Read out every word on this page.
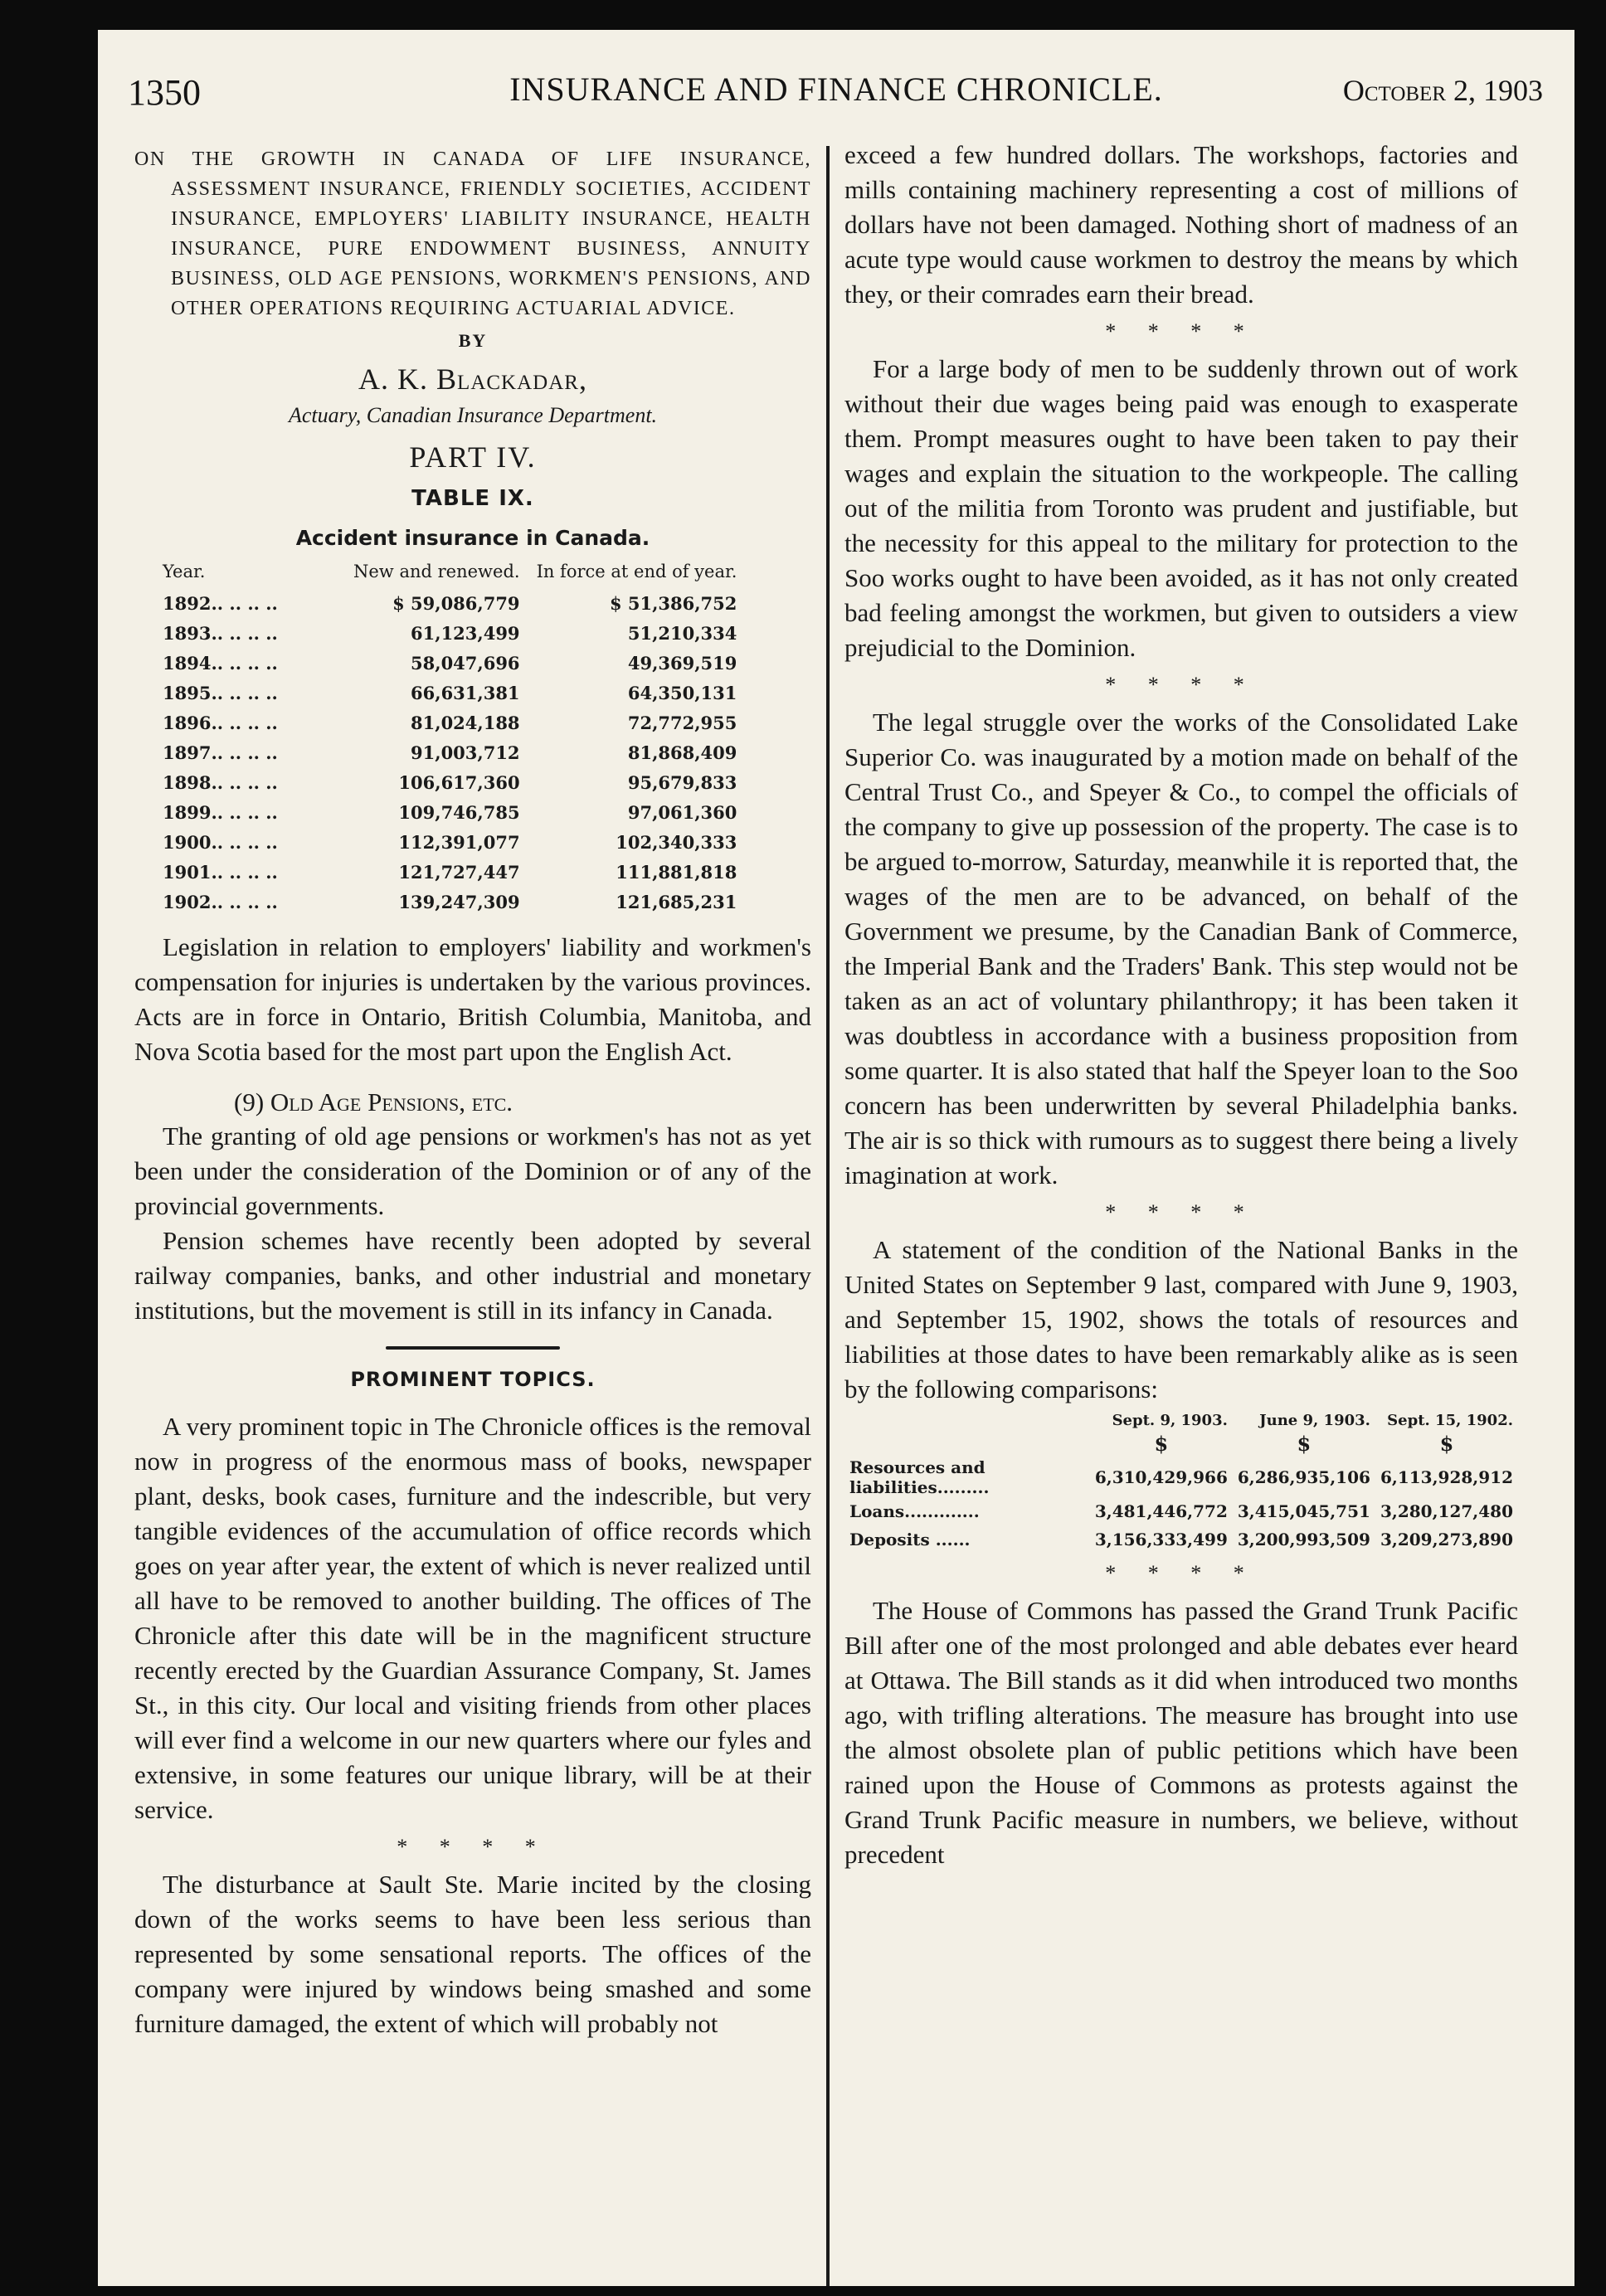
1350	INSURANCE AND FINANCE CHRONICLE.	October 2, 1903
ON THE GROWTH IN CANADA OF LIFE INSURANCE, ASSESSMENT INSURANCE, FRIENDLY SOCIETIES, ACCIDENT INSURANCE, EMPLOYERS' LIABILITY INSURANCE, HEALTH INSURANCE, PURE ENDOWMENT BUSINESS, ANNUITY BUSINESS, OLD AGE PENSIONS, WORKMEN'S PENSIONS, AND OTHER OPERATIONS REQUIRING ACTUARIAL ADVICE.
BY
A. K. Blackadar,
Actuary, Canadian Insurance Department.
PART IV.
TABLE IX.
Accident insurance in Canada.
Year.	New and renewed.	In force at end of year.
1892.. .. .. ..	$ 59,086,779	$ 51,386,752
1893.. .. .. ..	61,123,499	51,210,334
1894.. .. .. ..	58,047,696	49,369,519
1895.. .. .. ..	66,631,381	64,350,131
1896.. .. .. ..	81,024,188	72,772,955
1897.. .. .. ..	91,003,712	81,868,409
1898.. .. .. ..	106,617,360	95,679,833
1899.. .. .. ..	109,746,785	97,061,360
1900.. .. .. ..	112,391,077	102,340,333
1901.. .. .. ..	121,727,447	111,881,818
1902.. .. .. ..	139,247,309	121,685,231

Legislation in relation to employers' liability and workmen's compensation for injuries is undertaken by the various provinces. Acts are in force in Ontario, British Columbia, Manitoba, and Nova Scotia based for the most part upon the English Act.

(9) Old Age Pensions, etc.

The granting of old age pensions or workmen's has not as yet been under the consideration of the Dominion or of any of the provincial governments.

Pension schemes have recently been adopted by several railway companies, banks, and other industrial and monetary institutions, but the movement is still in its infancy in Canada.

PROMINENT TOPICS.

A very prominent topic in The Chronicle offices is the removal now in progress of the enormous mass of books, newspaper plant, desks, book cases, furniture and the indescrible, but very tangible evidences of the accumulation of office records which goes on year after year, the extent of which is never realized until all have to be removed to another building. The offices of The Chronicle after this date will be in the magnificent structure recently erected by the Guardian Assurance Company, St. James St., in this city. Our local and visiting friends from other places will ever find a welcome in our new quarters where our fyles and extensive, in some features our unique library, will be at their service.

* * * *

The disturbance at Sault Ste. Marie incited by the closing down of the works seems to have been less serious than represented by some sensational reports. The offices of the company were injured by windows being smashed and some furniture damaged, the extent of which will probably not

exceed a few hundred dollars. The workshops, factories and mills containing machinery representing a cost of millions of dollars have not been damaged. Nothing short of madness of an acute type would cause workmen to destroy the means by which they, or their comrades earn their bread.

* * * *

For a large body of men to be suddenly thrown out of work without their due wages being paid was enough to exasperate them. Prompt measures ought to have been taken to pay their wages and explain the situation to the workpeople. The calling out of the militia from Toronto was prudent and justifiable, but the necessity for this appeal to the military for protection to the Soo works ought to have been avoided, as it has not only created bad feeling amongst the workmen, but given to outsiders a view prejudicial to the Dominion.

* * * *

The legal struggle over the works of the Consolidated Lake Superior Co. was inaugurated by a motion made on behalf of the Central Trust Co., and Speyer & Co., to compel the officials of the company to give up possession of the property. The case is to be argued to-morrow, Saturday, meanwhile it is reported that, the wages of the men are to be advanced, on behalf of the Government we presume, by the Canadian Bank of Commerce, the Imperial Bank and the Traders' Bank. This step would not be taken as an act of voluntary philanthropy; it has been taken it was doubtless in accordance with a business proposition from some quarter. It is also stated that half the Speyer loan to the Soo concern has been underwritten by several Philadelphia banks. The air is so thick with rumours as to suggest there being a lively imagination at work.

* * * *

A statement of the condition of the National Banks in the United States on September 9 last, compared with June 9, 1903, and September 15, 1902, shows the totals of resources and liabilities at those dates to have been remarkably alike as is seen by the following comparisons:

	Sept. 9, 1903.	June 9, 1903.	Sept. 15, 1902.
	$	$	$
Resources and liabilities.........	6,310,429,966	6,286,935,106	6,113,928,912
Loans.............	3,481,446,772	3,415,045,751	3,280,127,480
Deposits ......	3,156,333,499	3,200,993,509	3,209,273,890
* * * *

The House of Commons has passed the Grand Trunk Pacific Bill after one of the most prolonged and able debates ever heard at Ottawa. The Bill stands as it did when introduced two months ago, with trifling alterations. The measure has brought into use the almost obsolete plan of public petitions which have been rained upon the House of Commons as protests against the Grand Trunk Pacific measure in numbers, we believe, without precedent
